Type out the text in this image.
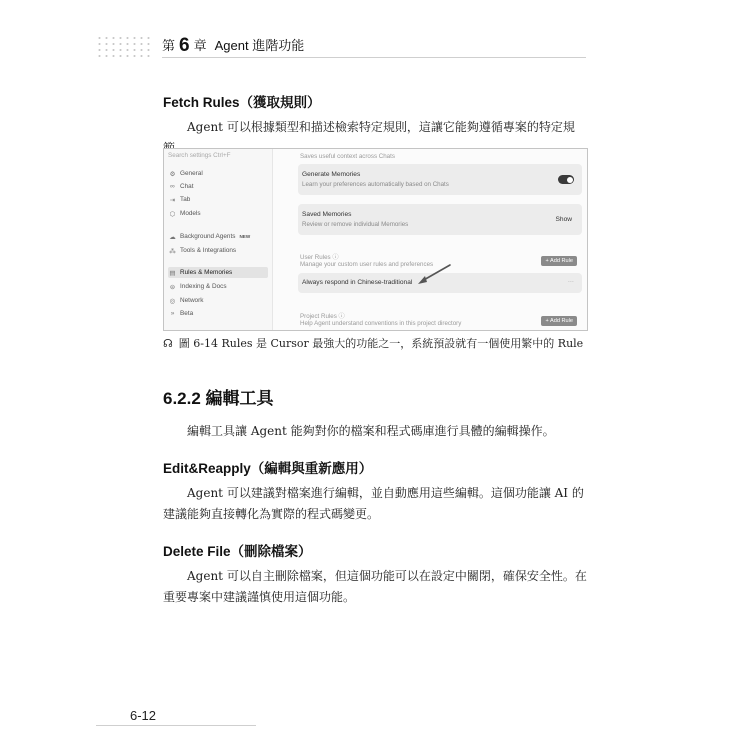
第 6 章 Agent 進階功能
Fetch Rules（獲取規則）

Agent 可以根據類型和描述檢索特定規則，這讓它能夠遵循專案的特定規

Search settings Ctrl+F
⚙ General
∞ Chat
⇥ Tab
⬡ Models
☁ Background Agents NEW
⁂ Tools & Integrations
▤ Rules & Memories
⊜ Indexing & Docs
◎ Network
» Beta
Saves useful context across Chats
Generate Memories
Learn your preferences automatically based on Chats
Saved Memories
Review or remove individual Memories
Show
User Rules ⓘ
Manage your custom user rules and preferences	+ Add Rule
Always respond in Chinese-traditional	···
Project Rules ⓘ
Help Agent understand conventions in this project directory	+ Add Rule
☊ 圖 6-14 Rules 是 Cursor 最強大的功能之一，系統預設就有一個使用繁中的 Rule
6.2.2 編輯工具

編輯工具讓 Agent 能夠對你的檔案和程式碼庫進行具體的編輯操作。

Edit&Reapply（編輯與重新應用）

Agent 可以建議對檔案進行編輯，並自動應用這些編輯。這個功能讓 AI 的建議能夠直接轉化為實際的程式碼變更。

Delete File（刪除檔案）

Agent 可以自主刪除檔案，但這個功能可以在設定中關閉，確保安全性。在重要專案中建議謹慎使用這個功能。

6-12
